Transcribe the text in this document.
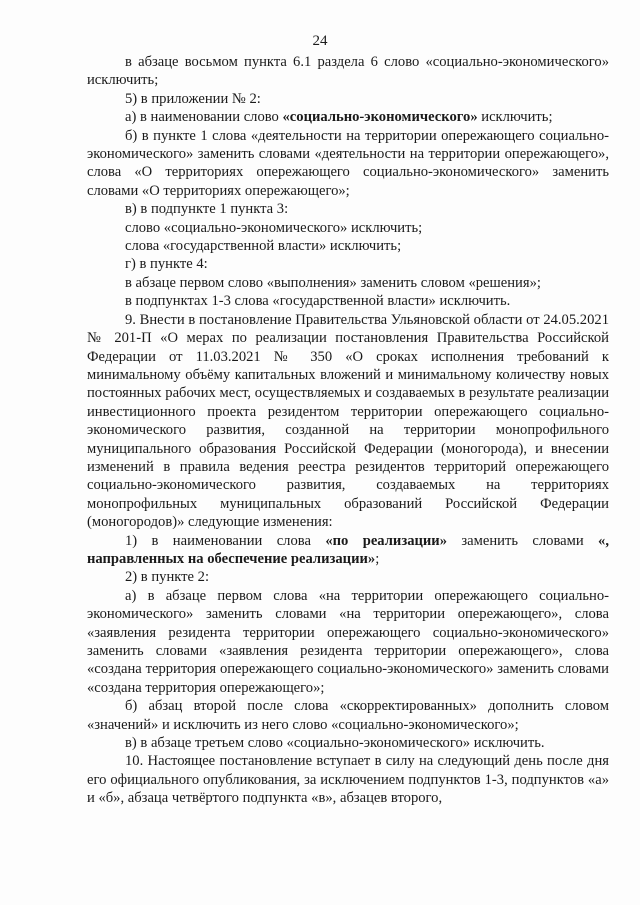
24

в абзаце восьмом пункта 6.1 раздела 6 слово «социально-экономического» исключить;

5) в приложении № 2:

а) в наименовании слово «социально-экономического» исключить;

б) в пункте 1 слова «деятельности на территории опережающего социально-экономического» заменить словами «деятельности на территории опережающего», слова «О территориях опережающего социально-экономического» заменить словами «О территориях опережающего»;

в) в подпункте 1 пункта 3:

слово «социально-экономического» исключить;

слова «государственной власти» исключить;

г) в пункте 4:

в абзаце первом слово «выполнения» заменить словом «решения»;

в подпунктах 1-3 слова «государственной власти» исключить.

9. Внести в постановление Правительства Ульяновской области от 24.05.2021 № 201-П «О мерах по реализации постановления Правительства Российской Федерации от 11.03.2021 № 350 «О сроках исполнения требований к минимальному объёму капитальных вложений и минимальному количеству новых постоянных рабочих мест, осуществляемых и создаваемых в результате реализации инвестиционного проекта резидентом территории опережающего социально-экономического развития, созданной на территории монопрофильного муниципального образования Российской Федерации (моногорода), и внесении изменений в правила ведения реестра резидентов территорий опережающего социально-экономического развития, создаваемых на территориях монопрофильных муниципальных образований Российской Федерации (моногородов)» следующие изменения:

1) в наименовании слова «по реализации» заменить словами «, направленных на обеспечение реализации»;

2) в пункте 2:

а) в абзаце первом слова «на территории опережающего социально-экономического» заменить словами «на территории опережающего», слова «заявления резидента территории опережающего социально-экономического» заменить словами «заявления резидента территории опережающего», слова «создана территория опережающего социально-экономического» заменить словами «создана территория опережающего»;

б) абзац второй после слова «скорректированных» дополнить словом «значений» и исключить из него слово «социально-экономического»;

в) в абзаце третьем слово «социально-экономического» исключить.

10. Настоящее постановление вступает в силу на следующий день после дня его официального опубликования, за исключением подпунктов 1-3, подпунктов «а» и «б», абзаца четвёртого подпункта «в», абзацев второго,
